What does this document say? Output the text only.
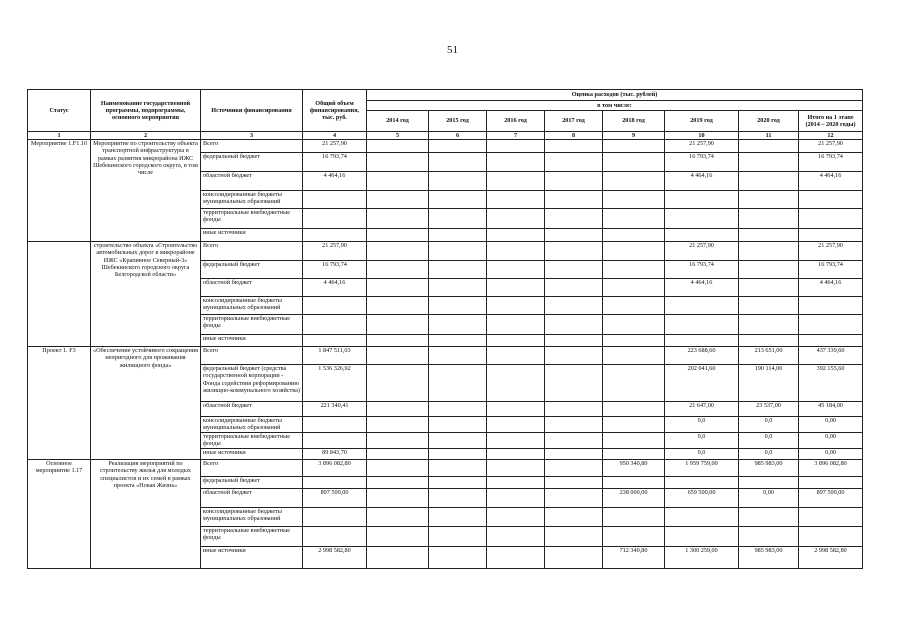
51
Статус	Наименование государственной программы, подпрограммы, основного мероприятия	Источники финансирования	Общий объем финансирования, тыс. руб.	Оценка расходов (тыс. рублей)							
				в том числе:							
				2014 год	2015 год	2016 год	2017 год	2018 год	2019 год	2020 год	Итого на 1 этапе (2014 – 2020 годы)
1	2	3	4	5	6	7	8	9	10	11	12
Мероприятие 1.F1.10	Мероприятие по строительству объекта транспортной инфраструктуры в рамках развития микрорайона ИЖС Шебекинского городского округа, в том числе	Всего	21 257,90						21 257,90		21 257,90
		федеральный бюджет	16 793,74						16 793,74		16 793,74
		областной бюджет	4 464,16						4 464,16		4 464,16
		консолидированные бюджеты муниципальных образований									
		территориальные внебюджетные фонды									
		иные источники									
	строительство объекта «Строительство автомобильных дорог в микрорайоне ИЖС «Крапивное Северный-3» Шебекинского городского округа Белгородской области»	Всего	21 257,90						21 257,90		21 257,90
		федеральный бюджет	16 793,74						16 793,74		16 793,74
		областной бюджет	4 464,16						4 464,16		4 464,16
		консолидированные бюджеты муниципальных образований									
		территориальные внебюджетные фонды									
		иные источники									
Проект 1. F3	«Обеспечение устойчивого сокращения непригодного для проживания жилищного фонда»	Всего	1 847 511,03						223 688,60	213 651,00	437 339,60
		федеральный бюджет (средства государственной корпорации - Фонда содействия реформированию жилищно-коммунального хозяйства)	1 536 326,92						202 041,60	190 114,00	392 155,60
		областной бюджет	221 340,41						21 647,00	23 537,00	45 184,00
		консолидированные бюджеты муниципальных образований							0,0	0,0	0,00
		территориальные внебюджетные фонды							0,0	0,0	0,00
		иные источники	89 843,70						0,0	0,0	0,00
Основное мероприятие 1.17	Реализация мероприятий по строительству жилья для молодых специалистов и их семей в рамках проекта «Новая Жизнь»	Всего	3 896 082,80					950 340,80	1 959 759,00	985 983,00	3 896 082,80
		федеральный бюджет									
		областной бюджет	897 500,00					238 000,00	659 500,00	0,00	897 500,00
		консолидированные бюджеты муниципальных образований									
		территориальные внебюджетные фонды									
		иные источники	2 998 582,80					712 340,80	1 300 259,00	985 983,00	2 998 582,80
